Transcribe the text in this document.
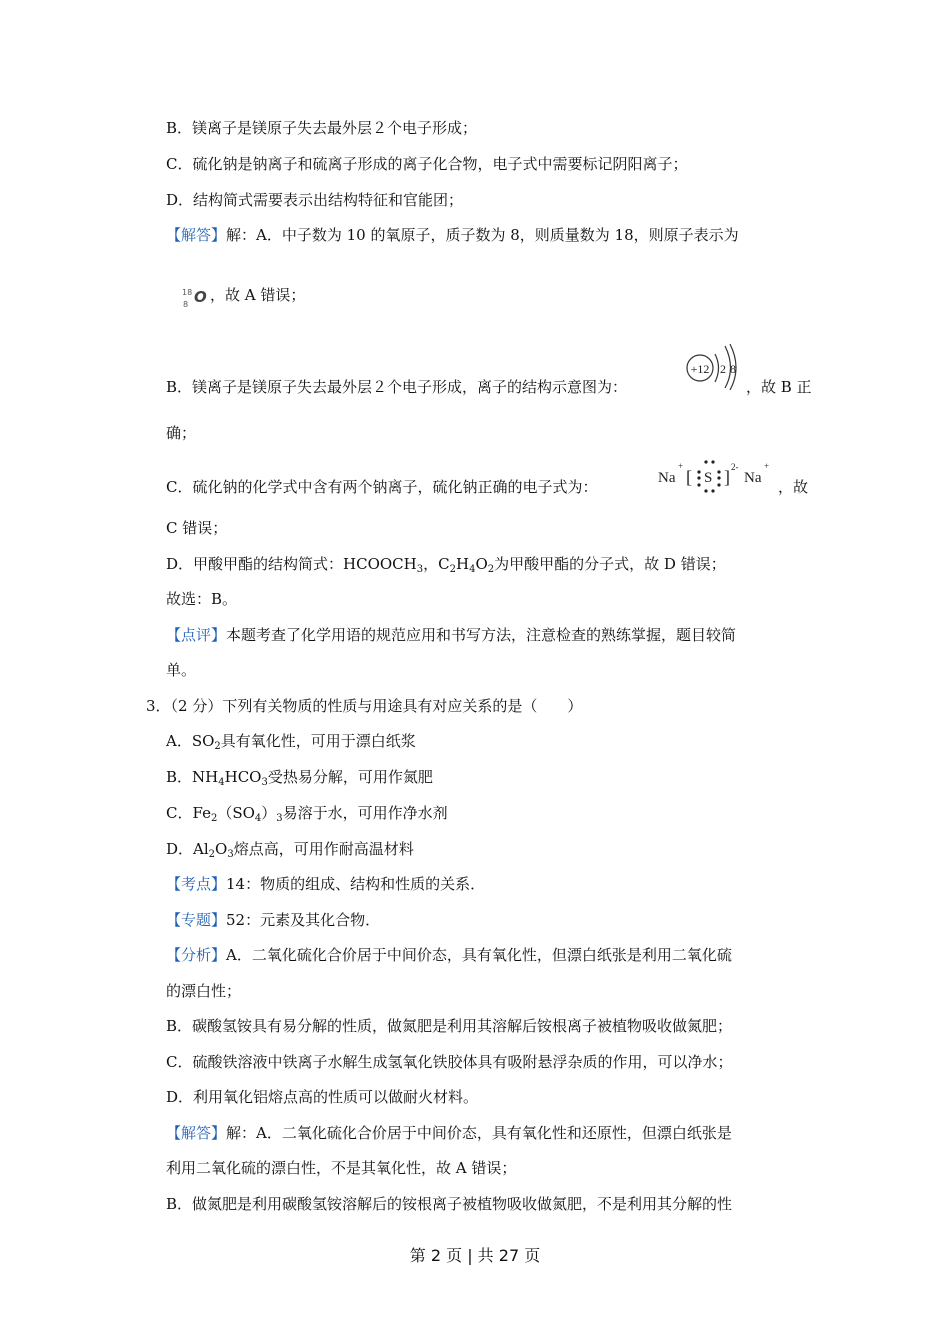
B．镁离子是镁原子失去最外层２个电子形成；
C．硫化钠是钠离子和硫离子形成的离子化合物，电子式中需要标记阴阳离子；
D．结构简式需要表示出结构特征和官能团；
【解答】解：A．中子数为 10 的氧原子，质子数为 8，则质量数为 18，则原子表示为
18
8 O ，故 A 错误；
B．镁离子是镁原子失去最外层２个电子形成，离子的结构示意图为：
+12 2 8
，故 B 正
确；
C．硫化钠的化学式中含有两个钠离子，硫化钠正确的电子式为：	Na
+
[ S ] 2-
Na
+
，故
C 错误；
D．甲酸甲酯的结构简式：$HCOOCH_3$，$C_2H_4O_2$为甲酸甲酯的分子式，故 D 错误；
故选：B。
【点评】本题考查了化学用语的规范应用和书写方法，注意检查的熟练掌握，题目较简
单。
3．（2 分）下列有关物质的性质与用途具有对应关系的是（　　）
A．$SO_2$具有氧化性，可用于漂白纸浆
B．$NH_4HCO_3$受热易分解，可用作氮肥
C．$Fe_2(SO_4)_3$易溶于水，可用作净水剂
D．$Al_2O_3$熔点高，可用作耐高温材料
【考点】14：物质的组成、结构和性质的关系．
【专题】52：元素及其化合物．
【分析】A．二氧化硫化合价居于中间价态，具有氧化性，但漂白纸张是利用二氧化硫
的漂白性；
B．碳酸氢铵具有易分解的性质，做氮肥是利用其溶解后铵根离子被植物吸收做氮肥；
C．硫酸铁溶液中铁离子水解生成氢氧化铁胶体具有吸附悬浮杂质的作用，可以净水；
D．利用氧化铝熔点高的性质可以做耐火材料。
【解答】解：A．二氧化硫化合价居于中间价态，具有氧化性和还原性，但漂白纸张是
利用二氧化硫的漂白性，不是其氧化性，故 A 错误；
B．做氮肥是利用碳酸氢铵溶解后的铵根离子被植物吸收做氮肥，不是利用其分解的性
第 2 页 | 共 27 页
